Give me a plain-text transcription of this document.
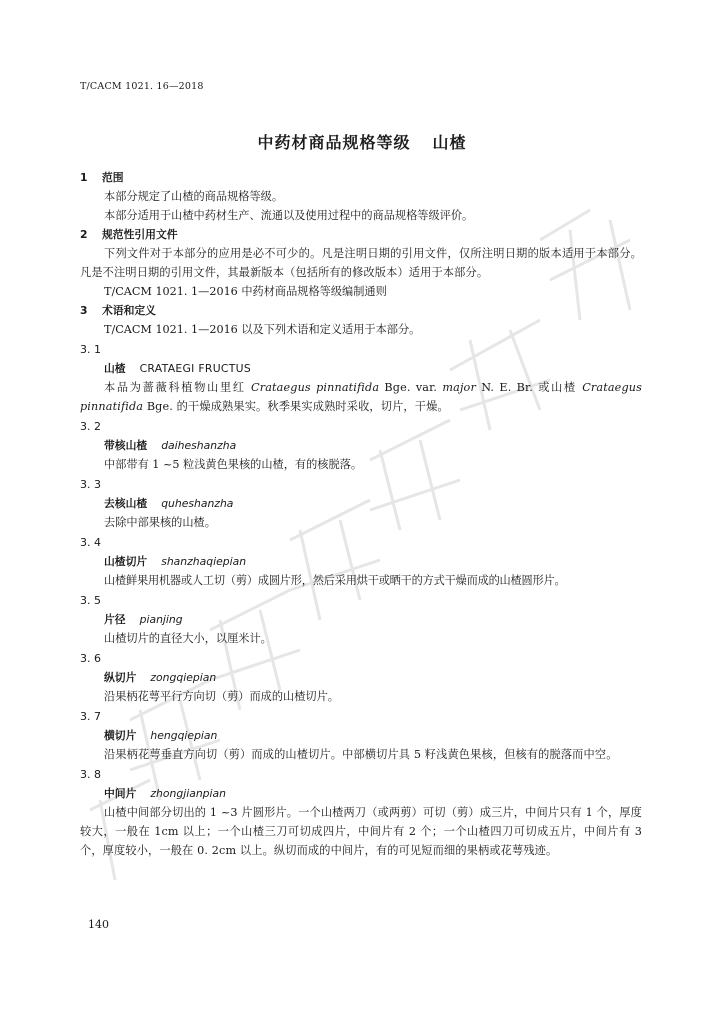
T/CACM 1021. 16—2018
中药材商品规格等级 山楂
1 范围
本部分规定了山楂的商品规格等级。
本部分适用于山楂中药材生产、流通以及使用过程中的商品规格等级评价。
2 规范性引用文件
下列文件对于本部分的应用是必不可少的。凡是注明日期的引用文件，仅所注明日期的版本适用于本部分。凡是不注明日期的引用文件，其最新版本（包括所有的修改版本）适用于本部分。
T/CACM 1021. 1—2016 中药材商品规格等级编制通则
3 术语和定义
T/CACM 1021. 1—2016 以及下列术语和定义适用于本部分。
3. 1
山楂 CRATAEGI FRUCTUS
本品为蔷薇科植物山里红 Crataegus pinnatifida Bge. var. major N. E. Br. 或山楂 Crataegus pinnatifida Bge. 的干燥成熟果实。秋季果实成熟时采收，切片，干燥。
3. 2
带核山楂 daiheshanzha
中部带有 1 ~5 粒浅黄色果核的山楂，有的核脱落。
3. 3
去核山楂 quheshanzha
去除中部果核的山楂。
3. 4
山楂切片 shanzhaqiepian
山楂鲜果用机器或人工切（剪）成圆片形，然后采用烘干或晒干的方式干燥而成的山楂圆形片。
3. 5
片径 pianjing
山楂切片的直径大小，以厘米计。
3. 6
纵切片 zongqiepian
沿果柄花萼平行方向切（剪）而成的山楂切片。
3. 7
横切片 hengqiepian
沿果柄花萼垂直方向切（剪）而成的山楂切片。中部横切片具 5 籽浅黄色果核，但核有的脱落而中空。
3. 8
中间片 zhongjianpian
山楂中间部分切出的 1 ~3 片圆形片。一个山楂两刀（或两剪）可切（剪）成三片，中间片只有 1 个，厚度较大，一般在 1cm 以上；一个山楂三刀可切成四片，中间片有 2 个；一个山楂四刀可切成五片，中间片有 3 个，厚度较小，一般在 0. 2cm 以上。纵切而成的中间片，有的可见短而细的果柄或花萼残迹。
140
